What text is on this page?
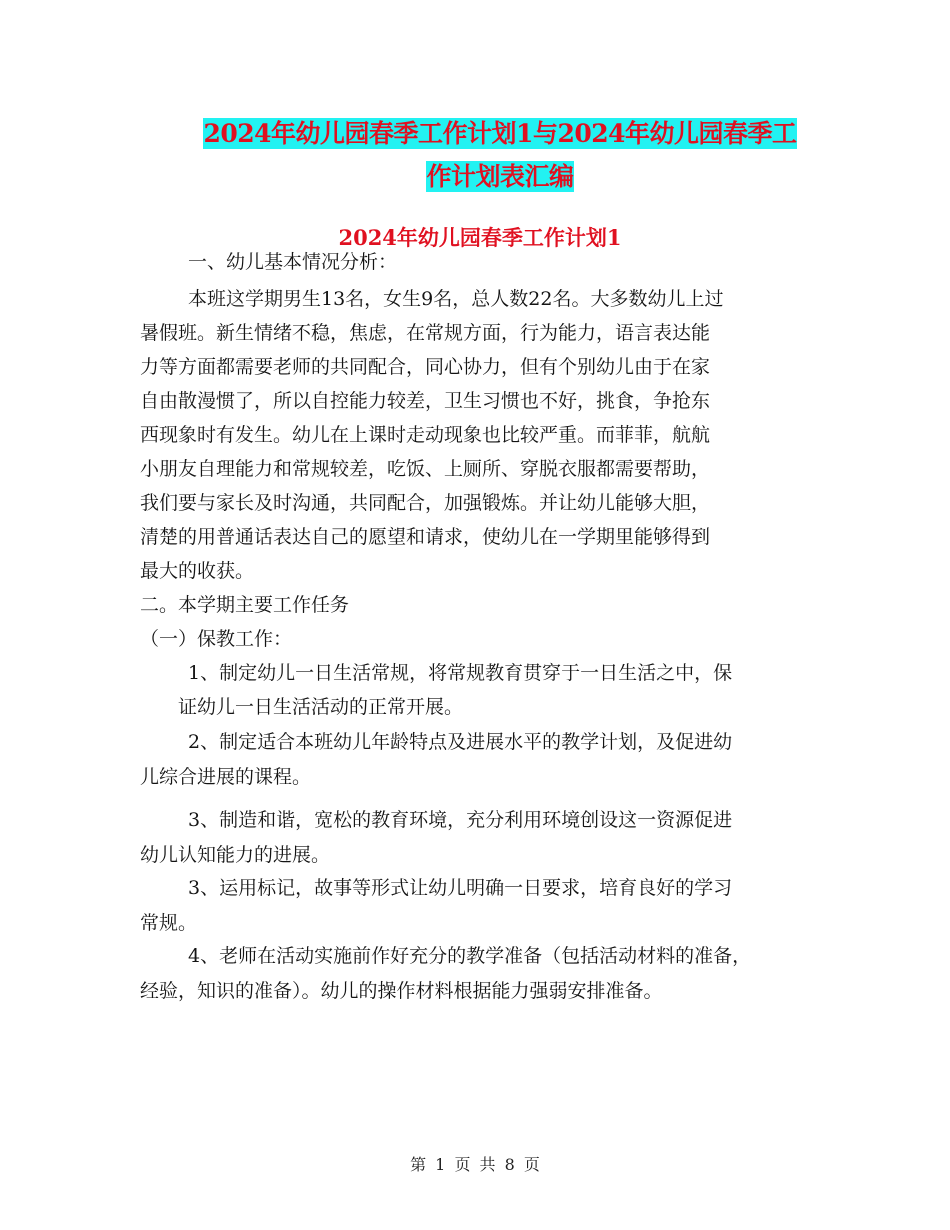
2024年幼儿园春季工作计划1与2024年幼儿园春季工
作计划表汇编
2024年幼儿园春季工作计划1
一、幼儿基本情况分析：
本班这学期男生13名，女生9名，总人数22名。大多数幼儿上过
暑假班。新生情绪不稳，焦虑，在常规方面，行为能力，语言表达能
力等方面都需要老师的共同配合，同心协力，但有个别幼儿由于在家
自由散漫惯了，所以自控能力较差，卫生习惯也不好，挑食，争抢东
西现象时有发生。幼儿在上课时走动现象也比较严重。而菲菲，航航
小朋友自理能力和常规较差，吃饭、上厕所、穿脱衣服都需要帮助，
我们要与家长及时沟通，共同配合，加强锻炼。并让幼儿能够大胆，
清楚的用普通话表达自己的愿望和请求，使幼儿在一学期里能够得到
最大的收获。
二。本学期主要工作任务
（一）保教工作：
1、制定幼儿一日生活常规，将常规教育贯穿于一日生活之中，保
证幼儿一日生活活动的正常开展。
2、制定适合本班幼儿年龄特点及进展水平的教学计划，及促进幼
儿综合进展的课程。
3、制造和谐，宽松的教育环境，充分利用环境创设这一资源促进
幼儿认知能力的进展。
3、运用标记，故事等形式让幼儿明确一日要求，培育良好的学习
常规。
4、老师在活动实施前作好充分的教学准备（包括活动材料的准备，
经验，知识的准备）。幼儿的操作材料根据能力强弱安排准备。
第 1 页 共 8 页
